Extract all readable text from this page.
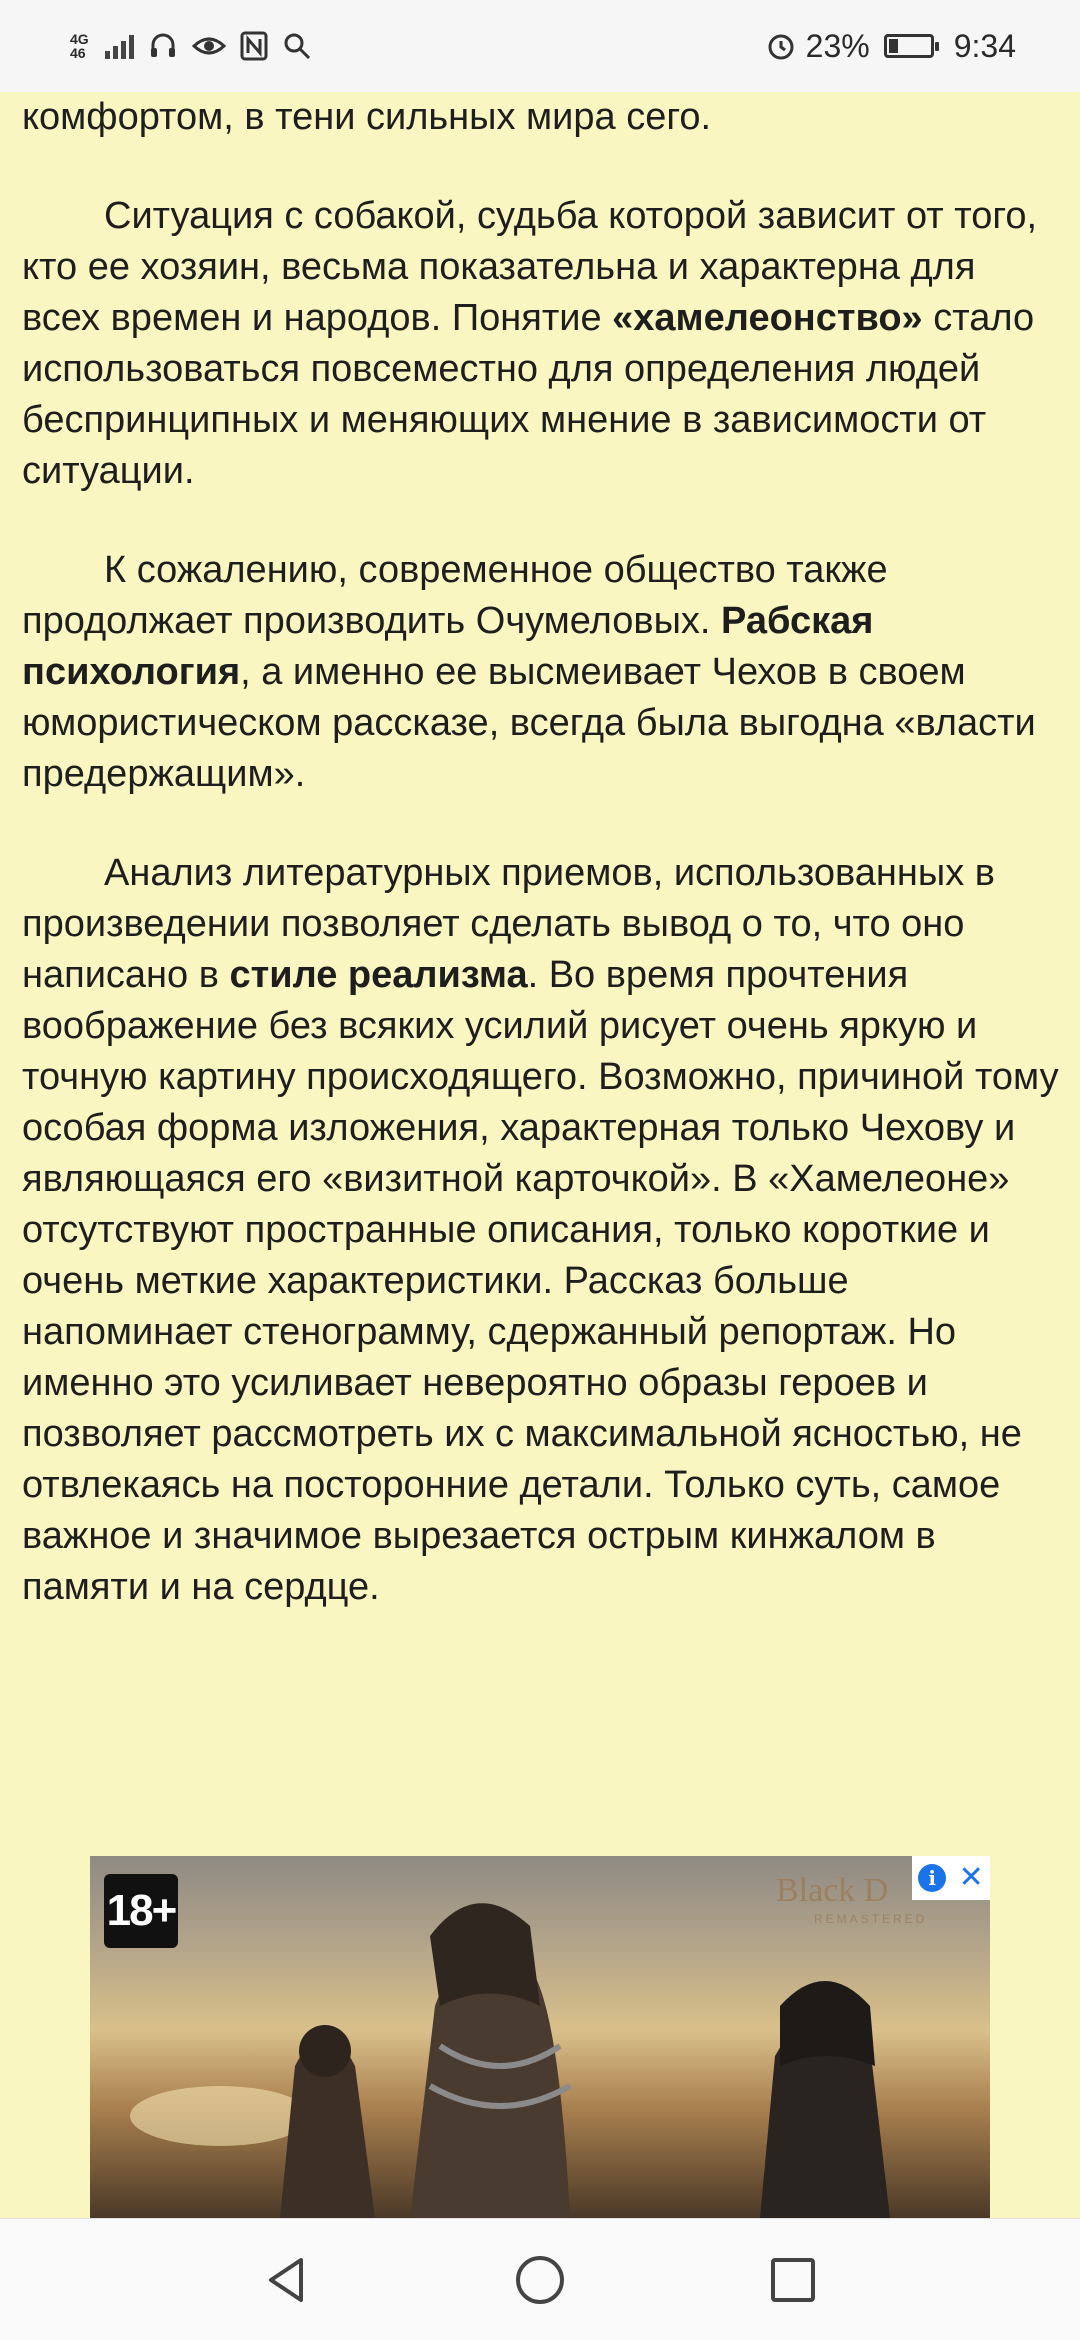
4G
46	23%	9:34

комфортом, в тени сильных мира сего.

Ситуация с собакой, судьба которой зависит от того, кто ее хозяин, весьма показательна и характерна для всех времен и народов. Понятие «хамелеонство» стало использоваться повсеместно для определения людей беспринципных и меняющих мнение в зависимости от ситуации.

К сожалению, современное общество также продолжает производить Очумеловых. Рабская психология, а именно ее высмеивает Чехов в своем юмористическом рассказе, всегда была выгодна «власти предержащим».

Анализ литературных приемов, использованных в произведении позволяет сделать вывод о то, что оно написано в стиле реализма. Во время прочтения воображение без всяких усилий рисует очень яркую и точную картину происходящего. Возможно, причиной тому особая форма изложения, характерная только Чехову и являющаяся его «визитной карточкой». В «Хамелеоне» отсутствуют пространные описания, только короткие и очень меткие характеристики. Рассказ больше напоминает стенограмму, сдержанный репортаж. Но именно это усиливает невероятно образы героев и позволяет рассмотреть их с максимальной ясностью, не отвлекаясь на посторонние детали. Только суть, самое важное и значимое вырезается острым кинжалом в памяти и на сердце.

18+	Black D
REMASTERED
i ✕
